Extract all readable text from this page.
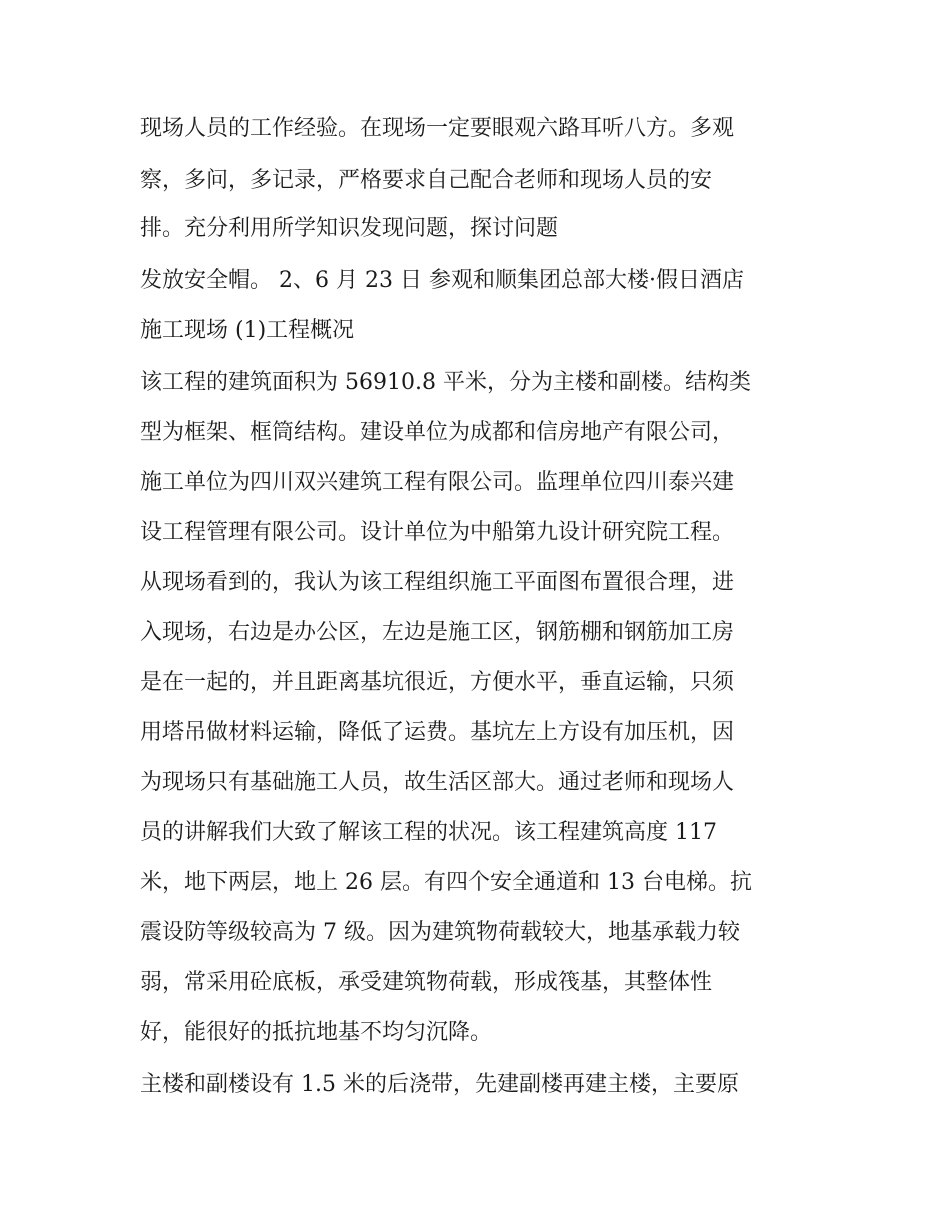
现场人员的工作经验。在现场一定要眼观六路耳听八方。多观
察，多问，多记录，严格要求自己配合老师和现场人员的安
排。充分利用所学知识发现问题，探讨问题
发放安全帽。 2、6 月 23 日 参观和顺集团总部大楼·假日酒店
施工现场 (1)工程概况
该工程的建筑面积为 56910.8 平米，分为主楼和副楼。结构类
型为框架、框筒结构。建设单位为成都和信房地产有限公司，
施工单位为四川双兴建筑工程有限公司。监理单位四川泰兴建
设工程管理有限公司。设计单位为中船第九设计研究院工程。
从现场看到的，我认为该工程组织施工平面图布置很合理，进
入现场，右边是办公区，左边是施工区，钢筋棚和钢筋加工房
是在一起的，并且距离基坑很近，方便水平，垂直运输，只须
用塔吊做材料运输，降低了运费。基坑左上方设有加压机，因
为现场只有基础施工人员，故生活区部大。通过老师和现场人
员的讲解我们大致了解该工程的状况。该工程建筑高度 117
米，地下两层，地上 26 层。有四个安全通道和 13 台电梯。抗
震设防等级较高为 7 级。因为建筑物荷载较大，地基承载力较
弱，常采用砼底板，承受建筑物荷载，形成筏基，其整体性
好，能很好的抵抗地基不均匀沉降。
主楼和副楼设有 1.5 米的后浇带，先建副楼再建主楼，主要原
